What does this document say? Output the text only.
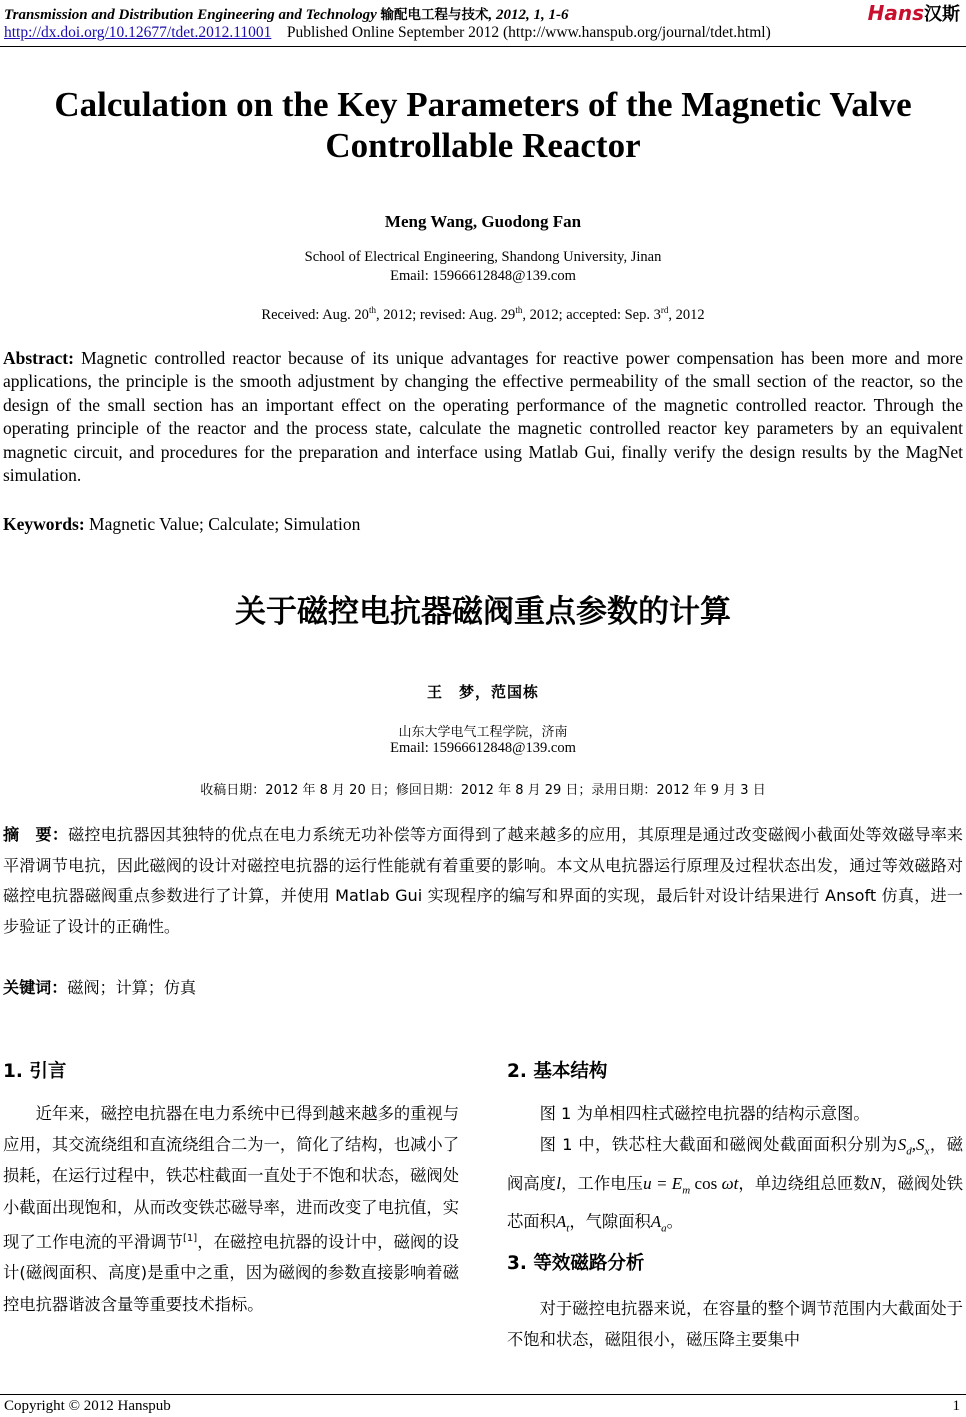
Transmission and Distribution Engineering and Technology 输配电工程与技术, 2012, 1, 1-6	Hans汉斯
http://dx.doi.org/10.12677/tdet.2012.11001 Published Online September 2012 (http://www.hanspub.org/journal/tdet.html)
Calculation on the Key Parameters of the Magnetic Valve
Controllable Reactor
Meng Wang, Guodong Fan
School of Electrical Engineering, Shandong University, Jinan
Email: 15966612848@139.com
Received: Aug. 20th, 2012; revised: Aug. 29th, 2012; accepted: Sep. 3rd, 2012
Abstract: Magnetic controlled reactor because of its unique advantages for reactive power compensation has been more and more applications, the principle is the smooth adjustment by changing the effective permeability of the small section of the reactor, so the design of the small section has an important effect on the operating performance of the magnetic controlled reactor. Through the operating principle of the reactor and the process state, calculate the magnetic controlled reactor key parameters by an equivalent magnetic circuit, and procedures for the preparation and interface using Matlab Gui, finally verify the design results by the MagNet simulation.
Keywords: Magnetic Value; Calculate; Simulation
关于磁控电抗器磁阀重点参数的计算
王　梦，范国栋
山东大学电气工程学院，济南
Email: 15966612848@139.com
收稿日期：2012 年 8 月 20 日；修回日期：2012 年 8 月 29 日；录用日期：2012 年 9 月 3 日
摘　要：磁控电抗器因其独特的优点在电力系统无功补偿等方面得到了越来越多的应用，其原理是通过改变磁阀小截面处等效磁导率来平滑调节电抗，因此磁阀的设计对磁控电抗器的运行性能就有着重要的影响。本文从电抗器运行原理及过程状态出发，通过等效磁路对磁控电抗器磁阀重点参数进行了计算，并使用 Matlab Gui 实现程序的编写和界面的实现，最后针对设计结果进行 Ansoft 仿真，进一步验证了设计的正确性。
关键词：磁阀；计算；仿真
1. 引言

近年来，磁控电抗器在电力系统中已得到越来越多的重视与应用，其交流绕组和直流绕组合二为一，简化了结构，也减小了损耗，在运行过程中，铁芯柱截面一直处于不饱和状态，磁阀处小截面出现饱和，从而改变铁芯磁导率，进而改变了电抗值，实现了工作电流的平滑调节[1]，在磁控电抗器的设计中，磁阀的设计(磁阀面积、高度)是重中之重，因为磁阀的参数直接影响着磁控电抗器谐波含量等重要技术指标。

2. 基本结构

图 1 为单相四柱式磁控电抗器的结构示意图。

图 1 中，铁芯柱大截面和磁阀处截面面积分别为$S_d,S_x$，磁阀高度l，工作电压$u = E_m$ cos ωt，单边绕组总匝数N，磁阀处铁芯面积$A_t$，气隙面积$A_a$。

3. 等效磁路分析

对于磁控电抗器来说，在容量的整个调节范围内大截面处于不饱和状态，磁阻很小，磁压降主要集中

Copyright © 2012 Hanspub	1
